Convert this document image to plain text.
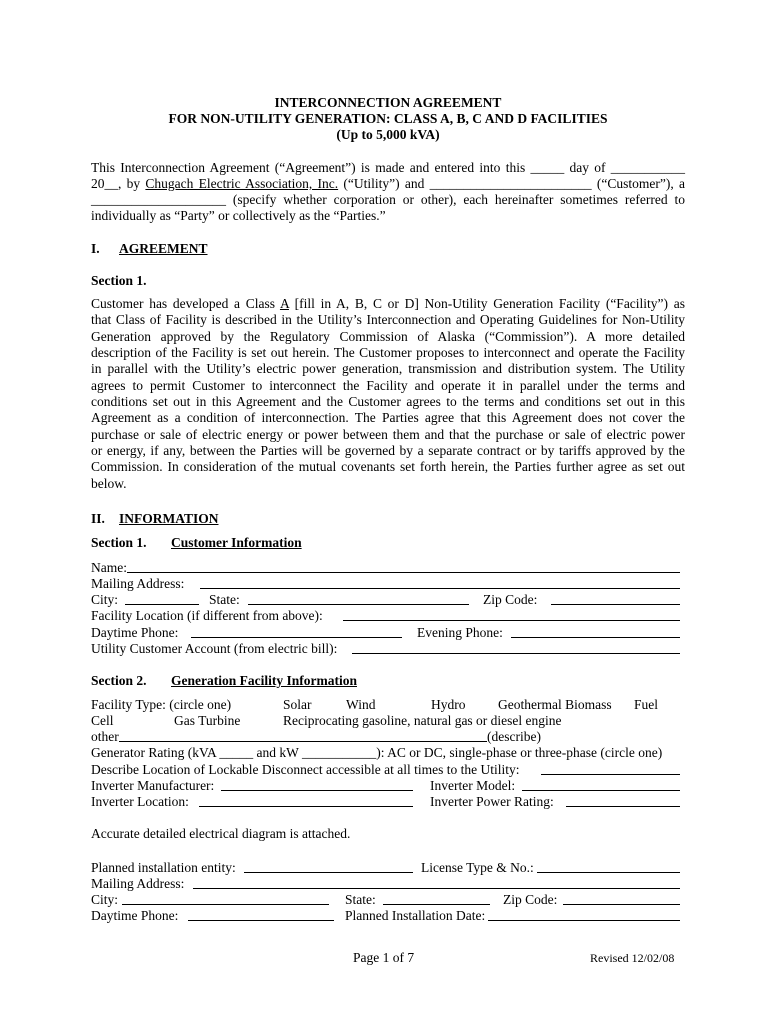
INTERCONNECTION AGREEMENT
FOR NON-UTILITY GENERATION: CLASS A, B, C AND D FACILITIES
(Up to 5,000 kVA)
This Interconnection Agreement (“Agreement”) is made and entered into this _____ day of ___________
20__, by Chugach Electric Association, Inc. (“Utility”) and ________________________ (“Customer”), a
____________________ (specify whether corporation or other), each hereinafter sometimes referred to
individually as “Party” or collectively as the “Parties.”
I. AGREEMENT
Section 1.
Customer has developed a Class A [fill in A, B, C or D] Non-Utility Generation Facility (“Facility”) as
that Class of Facility is described in the Utility’s Interconnection and Operating Guidelines for Non-Utility
Generation approved by the Regulatory Commission of Alaska (“Commission”). A more detailed
description of the Facility is set out herein. The Customer proposes to interconnect and operate the Facility
in parallel with the Utility’s electric power generation, transmission and distribution system. The Utility
agrees to permit Customer to interconnect the Facility and operate it in parallel under the terms and
conditions set out in this Agreement and the Customer agrees to the terms and conditions set out in this
Agreement as a condition of interconnection. The Parties agree that this Agreement does not cover the
purchase or sale of electric energy or power between them and that the purchase or sale of electric power
or energy, if any, between the Parties will be governed by a separate contract or by tariffs approved by the
Commission. In consideration of the mutual covenants set forth herein, the Parties further agree as set out
below.
II. INFORMATION
Section 1. Customer Information
Name:
Mailing Address:
City:	State:	Zip Code:
Facility Location (if different from above):
Daytime Phone:	Evening Phone:
Utility Customer Account (from electric bill):
Section 2. Generation Facility Information
Facility Type: (circle one)	Solar	Wind	Hydro Geothermal Biomass Fuel
Cell	Gas Turbine	Reciprocating gasoline, natural gas or diesel engine
other	(describe)
Generator Rating (kVA _____ and kW ___________): AC or DC, single-phase or three-phase (circle one)
Describe Location of Lockable Disconnect accessible at all times to the Utility:
Inverter Manufacturer:	Inverter Model:
Inverter Location:	Inverter Power Rating:
Accurate detailed electrical diagram is attached.
Planned installation entity:	License Type & No.:
Mailing Address:
City:	State:	Zip Code:
Daytime Phone:	Planned Installation Date:
Page 1 of 7	Revised 12/02/08
